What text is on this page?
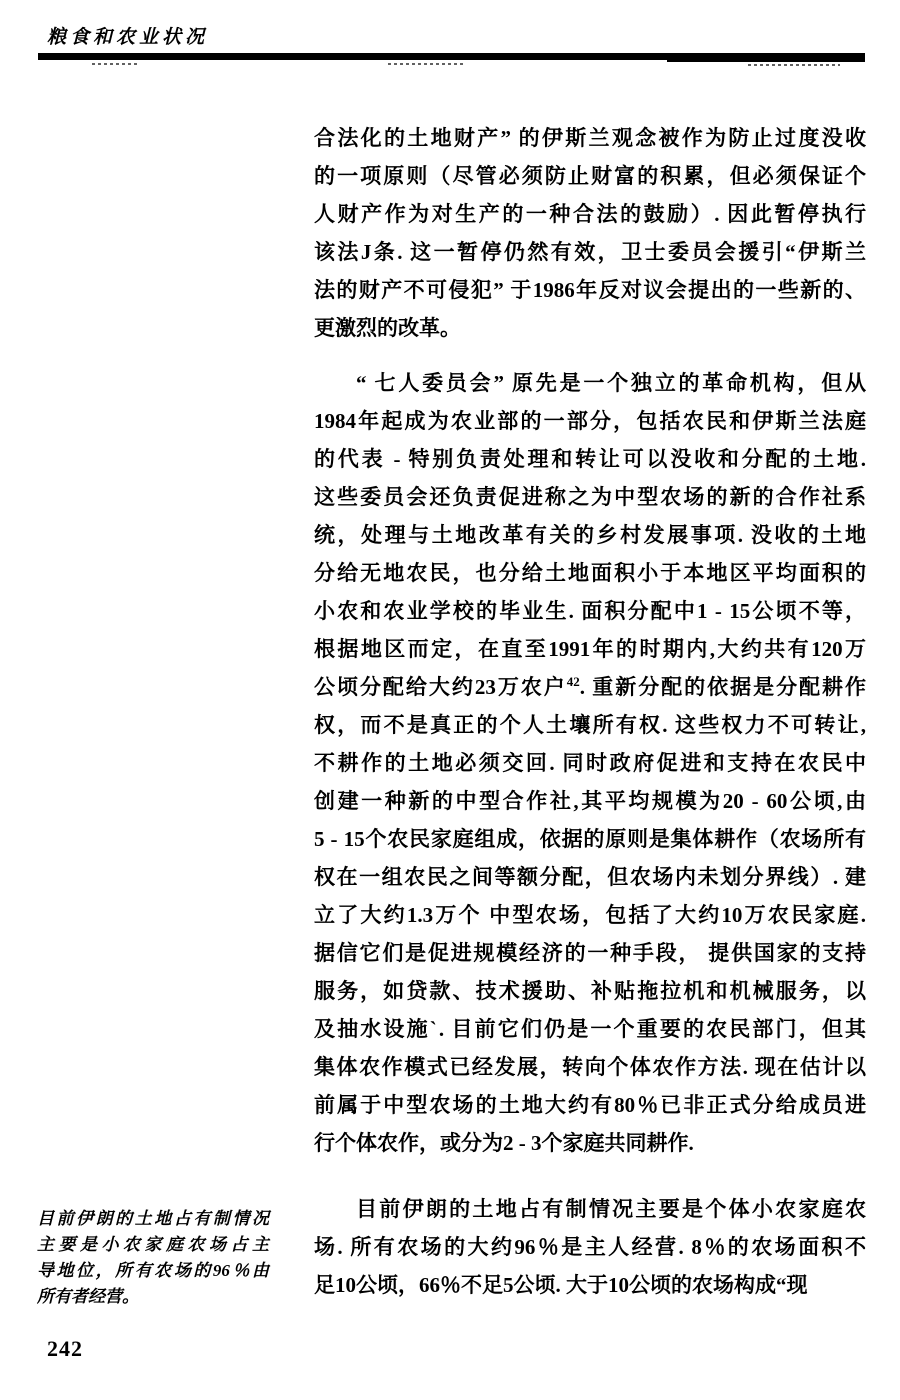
粮食和农业状况
合法化的土地财产” 的伊斯兰观念被作为防止过度没收
的一项原则（尽管必须防止财富的积累，但必须保证个
人财产作为对生产的一种合法的鼓励）. 因此暂停执行
该法J条. 这一暂停仍然有效，卫士委员会援引“伊斯兰
法的财产不可侵犯” 于1986年反对议会提出的一些新的、
更激烈的改革。
“ 七人委员会” 原先是一个独立的革命机构，但从
1984年起成为农业部的一部分，包括农民和伊斯兰法庭
的代表 - 特别负责处理和转让可以没收和分配的土地.
这些委员会还负责促进称之为中型农场的新的合作社系
统，处理与土地改革有关的乡村发展事项. 没收的土地
分给无地农民，也分给土地面积小于本地区平均面积的
小农和农业学校的毕业生. 面积分配中1 - 15公顷不等，
根据地区而定，在直至1991年的时期内,大约共有120万
公顷分配给大约23万农户$^{42}$. 重新分配的依据是分配耕作
权，而不是真正的个人土壤所有权. 这些权力不可转让,
不耕作的土地必须交回. 同时政府促进和支持在农民中
创建一种新的中型合作社,其平均规模为20 - 60公顷,由
5 - 15个农民家庭组成，依据的原则是集体耕作（农场所有
权在一组农民之间等额分配，但农场内未划分界线）. 建
立了大约1.3万个 中型农场，包括了大约10万农民家庭.
据信它们是促进规模经济的一种手段， 提供国家的支持
服务，如贷款、技术援助、补贴拖拉机和机械服务，以
及抽水设施ˋ. 目前它们仍是一个重要的农民部门，但其
集体农作模式已经发展，转向个体农作方法. 现在估计以
前属于中型农场的土地大约有80％已非正式分给成员进
行个体农作，或分为2 - 3个家庭共同耕作.
目前伊朗的土地占有制情况主要是个体小农家庭农
场. 所有农场的大约96％是主人经营. 8％的农场面积不
足10公顷，66％不足5公顷. 大于10公顷的农场构成“现
目前伊朗的土地占有制情况
主要是小农家庭农场占主
导地位，所有农场的96％由
所有者经营。
242
